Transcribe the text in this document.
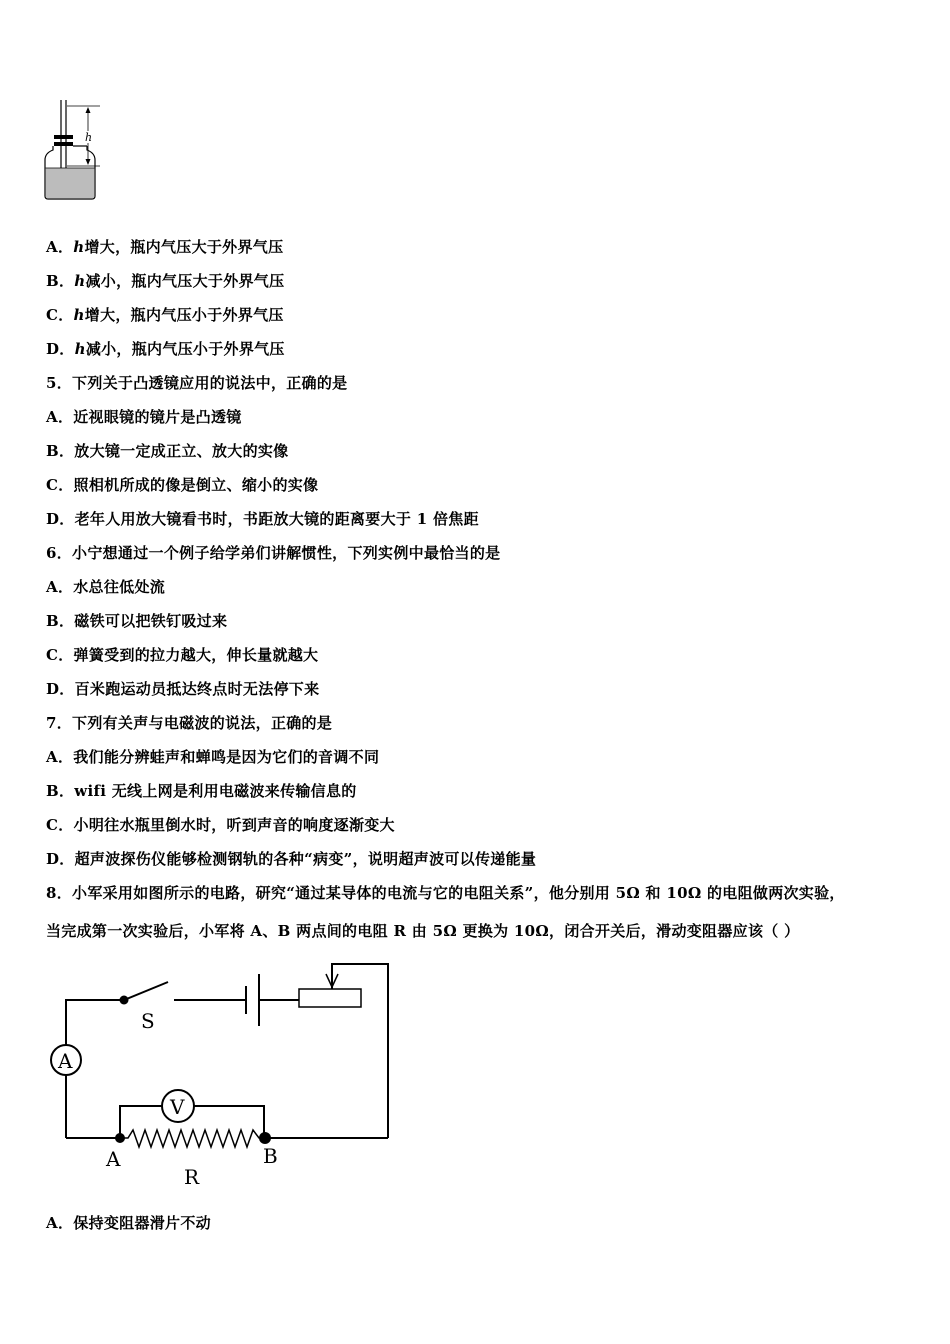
h
A．h增大，瓶内气压大于外界气压
B．h减小，瓶内气压大于外界气压
C．h增大，瓶内气压小于外界气压
D．h减小，瓶内气压小于外界气压
5．下列关于凸透镜应用的说法中，正确的是
A．近视眼镜的镜片是凸透镜
B．放大镜一定成正立、放大的实像
C．照相机所成的像是倒立、缩小的实像
D．老年人用放大镜看书时，书距放大镜的距离要大于 1 倍焦距
6．小宁想通过一个例子给学弟们讲解惯性，下列实例中最恰当的是
A．水总往低处流
B．磁铁可以把铁钉吸过来
C．弹簧受到的拉力越大，伸长量就越大
D．百米跑运动员抵达终点时无法停下来
7．下列有关声与电磁波的说法，正确的是
A．我们能分辨蛙声和蝉鸣是因为它们的音调不同
B．wifi 无线上网是利用电磁波来传输信息的
C．小明往水瓶里倒水时，听到声音的响度逐渐变大
D．超声波探伤仪能够检测钢轨的各种“病变”，说明超声波可以传递能量
8．小军采用如图所示的电路，研究“通过某导体的电流与它的电阻关系”，他分别用 5Ω 和 10Ω 的电阻做两次实验，
当完成第一次实验后，小军将 A、B 两点间的电阻 R 由 5Ω 更换为 10Ω，闭合开关后，滑动变阻器应该（ ）
A
V
S
A	B
R
A．保持变阻器滑片不动
